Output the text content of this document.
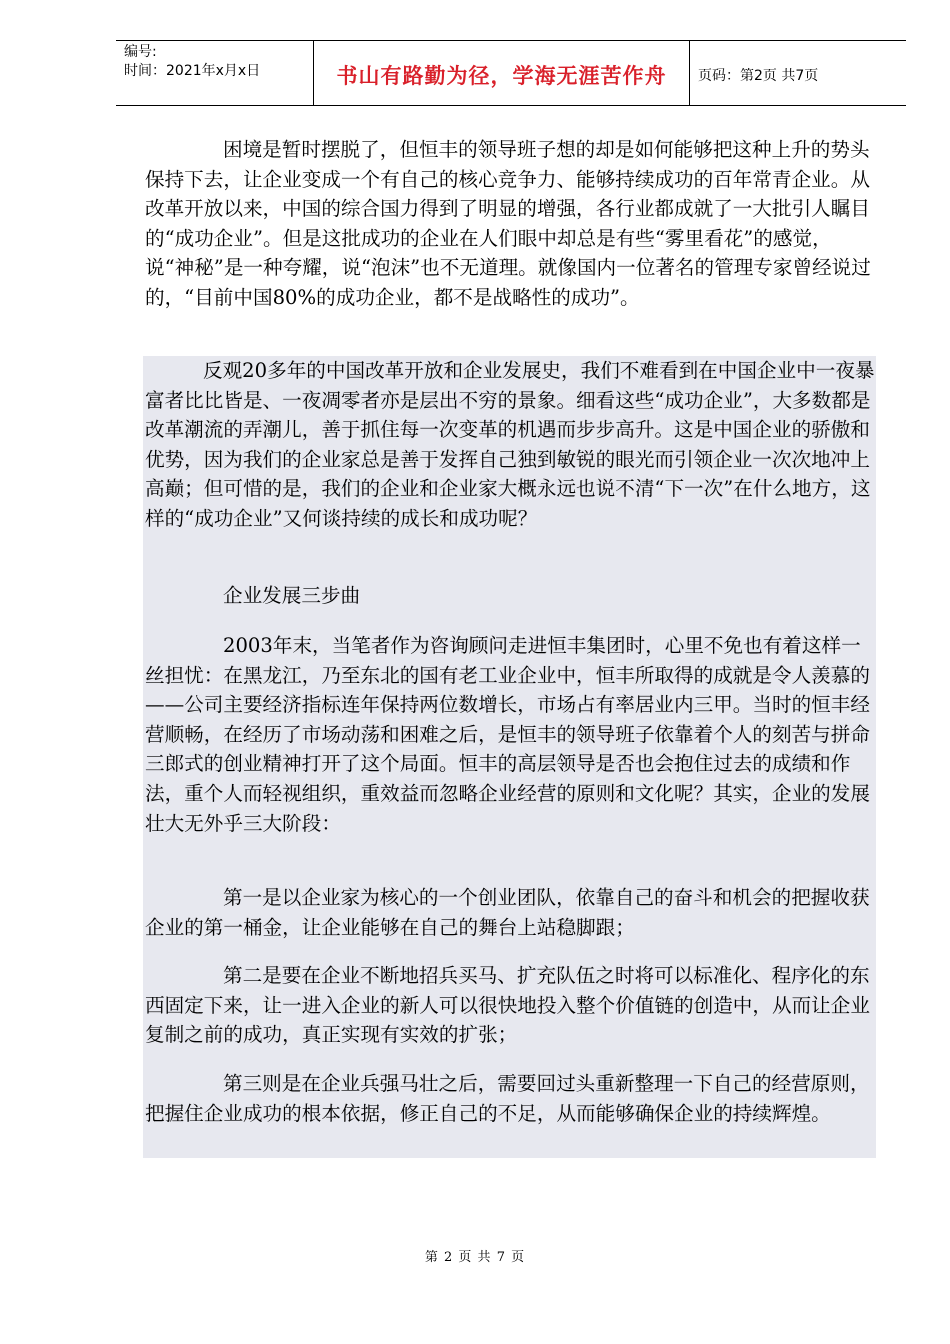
编号:
时间：2021年x月x日	书山有路勤为径，学海无涯苦作舟	页码：第2页 共7页

困境是暂时摆脱了，但恒丰的领导班子想的却是如何能够把这种上升的势头保持下去，让企业变成一个有自己的核心竞争力、能够持续成功的百年常青企业。从改革开放以来，中国的综合国力得到了明显的增强，各行业都成就了一大批引人瞩目的“成功企业”。但是这批成功的企业在人们眼中却总是有些“雾里看花”的感觉，说“神秘”是一种夸耀，说“泡沫”也不无道理。就像国内一位著名的管理专家曾经说过的，“目前中国80%的成功企业，都不是战略性的成功”。

反观20多年的中国改革开放和企业发展史，我们不难看到在中国企业中一夜暴富者比比皆是、一夜凋零者亦是层出不穷的景象。细看这些“成功企业”，大多数都是改革潮流的弄潮儿，善于抓住每一次变革的机遇而步步高升。这是中国企业的骄傲和优势，因为我们的企业家总是善于发挥自己独到敏锐的眼光而引领企业一次次地冲上高巅；但可惜的是，我们的企业和企业家大概永远也说不清“下一次”在什么地方，这样的“成功企业”又何谈持续的成长和成功呢？

企业发展三步曲

2003年末，当笔者作为咨询顾问走进恒丰集团时，心里不免也有着这样一丝担忧：在黑龙江，乃至东北的国有老工业企业中，恒丰所取得的成就是令人羡慕的——公司主要经济指标连年保持两位数增长，市场占有率居业内三甲。当时的恒丰经营顺畅，在经历了市场动荡和困难之后，是恒丰的领导班子依靠着个人的刻苦与拼命三郎式的创业精神打开了这个局面。恒丰的高层领导是否也会抱住过去的成绩和作法，重个人而轻视组织，重效益而忽略企业经营的原则和文化呢？其实，企业的发展壮大无外乎三大阶段：

第一是以企业家为核心的一个创业团队，依靠自己的奋斗和机会的把握收获企业的第一桶金，让企业能够在自己的舞台上站稳脚跟；

第二是要在企业不断地招兵买马、扩充队伍之时将可以标准化、程序化的东西固定下来，让一进入企业的新人可以很快地投入整个价值链的创造中，从而让企业复制之前的成功，真正实现有实效的扩张；

第三则是在企业兵强马壮之后，需要回过头重新整理一下自己的经营原则，把握住企业成功的根本依据，修正自己的不足，从而能够确保企业的持续辉煌。

第 2 页 共 7 页
